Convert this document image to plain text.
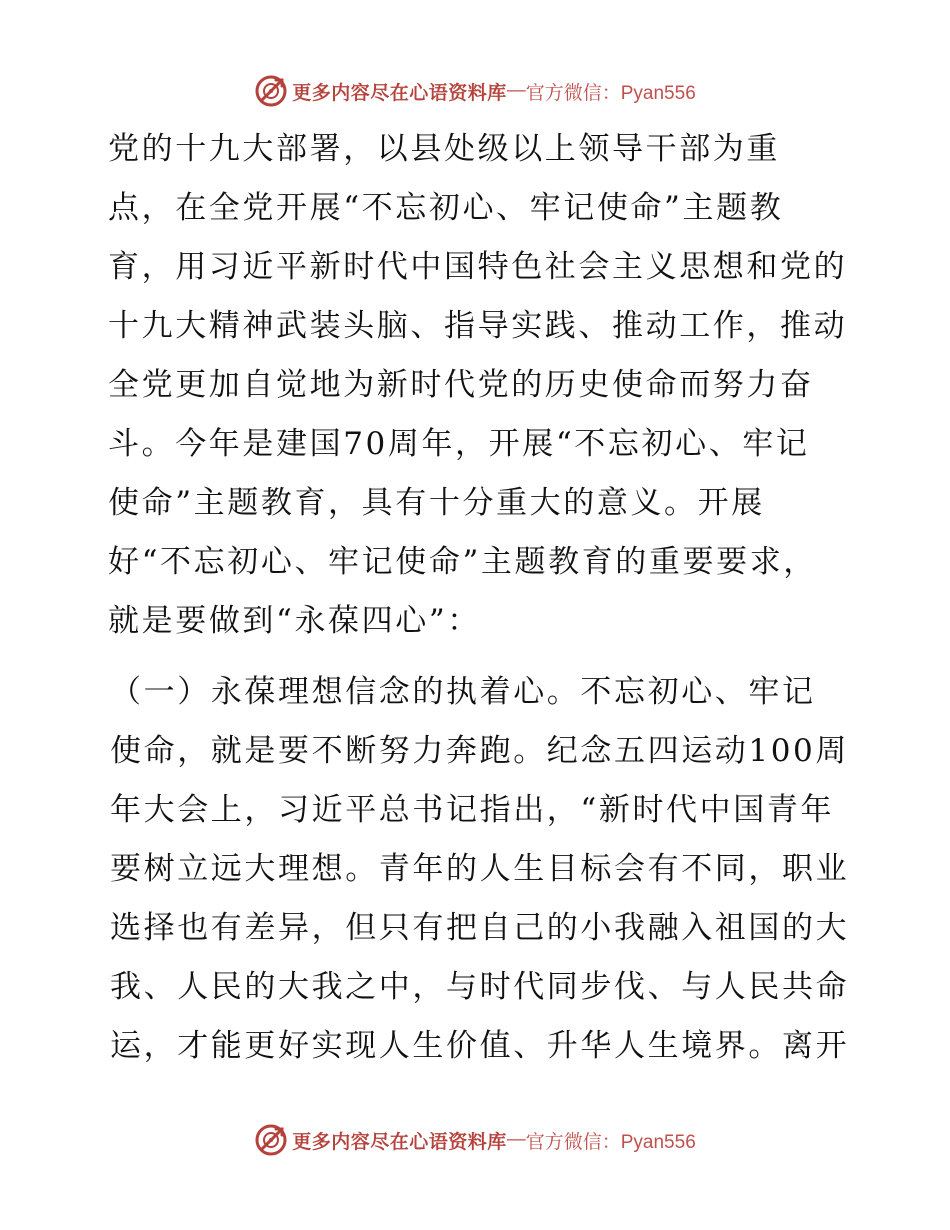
更多内容尽在心语资料库 — 官方微信：Pyan556

党的十九大部署，以县处级以上领导干部为重
点，在全党开展“不忘初心、牢记使命”主题教
育，用习近平新时代中国特色社会主义思想和党的
十九大精神武装头脑、指导实践、推动工作，推动
全党更加自觉地为新时代党的历史使命而努力奋
斗。今年是建国70周年，开展“不忘初心、牢记
使命”主题教育，具有十分重大的意义。开展
好“不忘初心、牢记使命”主题教育的重要要求，
就是要做到“永葆四心”：

（一）永葆理想信念的执着心。不忘初心、牢记
使命，就是要不断努力奔跑。纪念五四运动100周
年大会上，习近平总书记指出，“新时代中国青年
要树立远大理想。青年的人生目标会有不同，职业
选择也有差异，但只有把自己的小我融入祖国的大
我、人民的大我之中，与时代同步伐、与人民共命
运，才能更好实现人生价值、升华人生境界。离开

更多内容尽在心语资料库 — 官方微信：Pyan556
